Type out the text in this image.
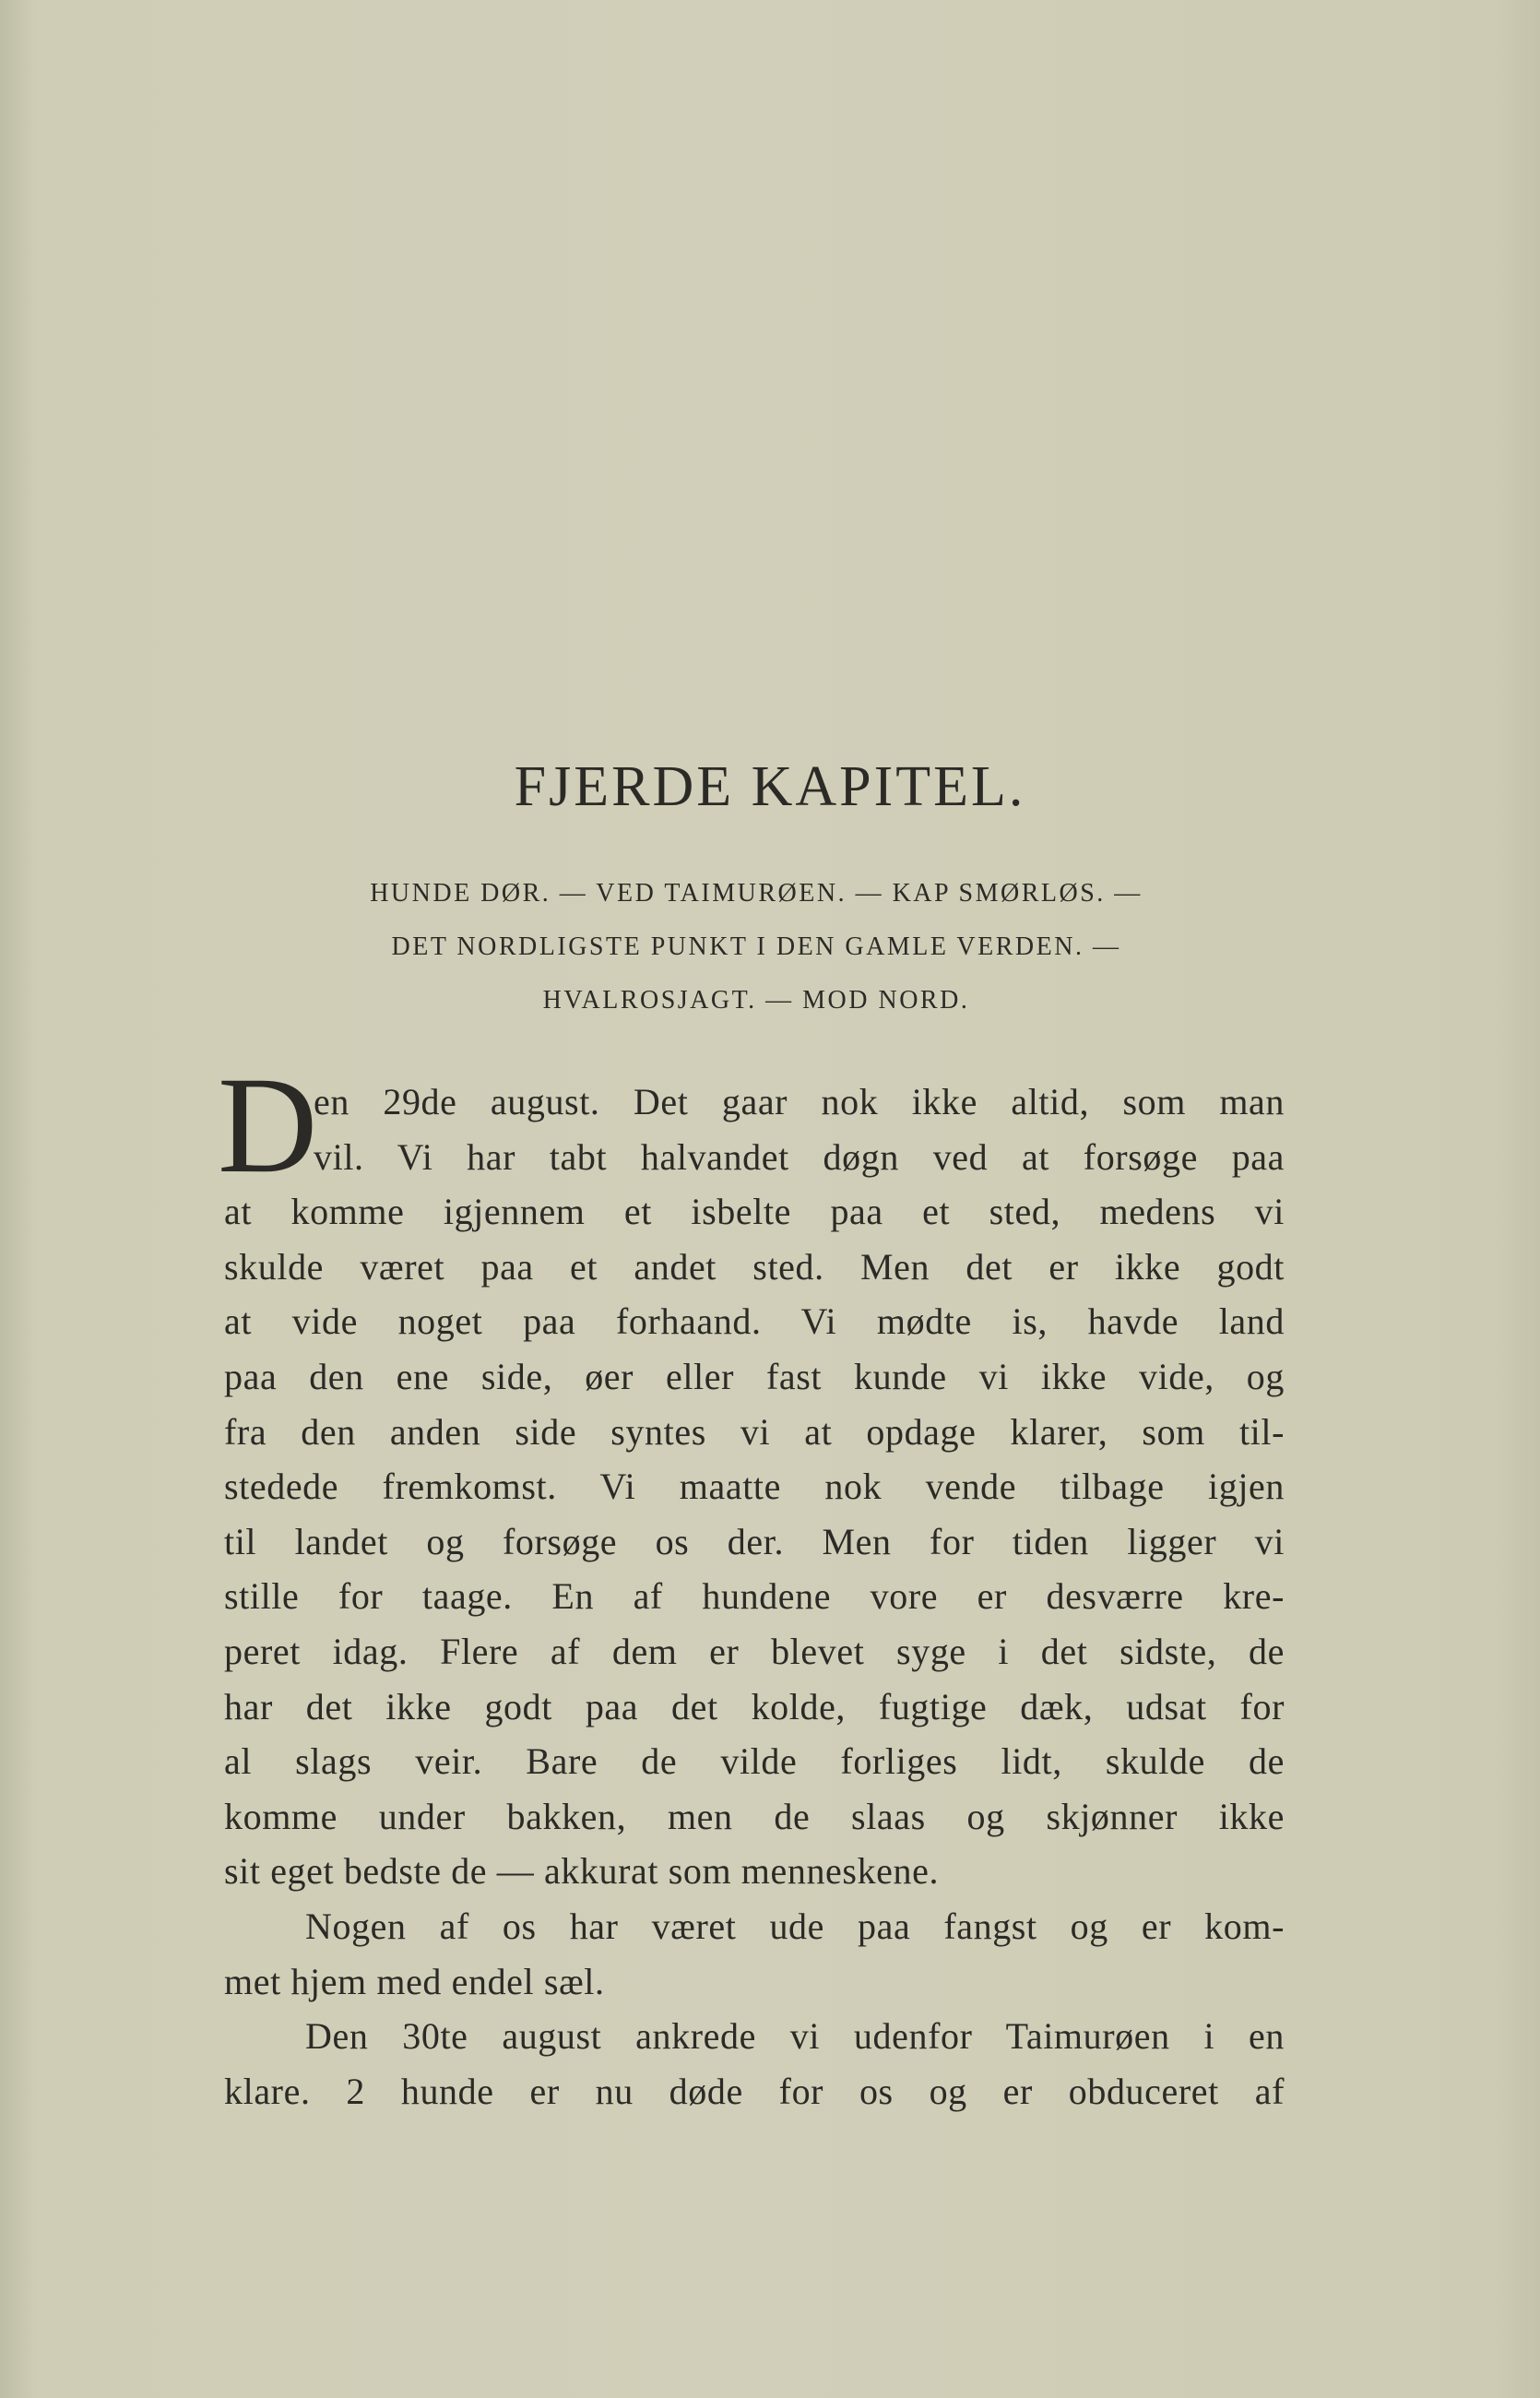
FJERDE KAPITEL.
HUNDE DØR. — VED TAIMURØEN. — KAP SMØRLØS. —
DET NORDLIGSTE PUNKT I DEN GAMLE VERDEN. —
HVALROSJAGT. — MOD NORD.
D
en 29de august. Det gaar nok ikke altid, som man
vil. Vi har tabt halvandet døgn ved at forsøge paa
at komme igjennem et isbelte paa et sted, medens vi
skulde været paa et andet sted. Men det er ikke godt
at vide noget paa forhaand. Vi mødte is, havde land
paa den ene side, øer eller fast kunde vi ikke vide, og
fra den anden side syntes vi at opdage klarer, som til-
stedede fremkomst. Vi maatte nok vende tilbage igjen
til landet og forsøge os der. Men for tiden ligger vi
stille for taage. En af hundene vore er desværre kre-
peret idag. Flere af dem er blevet syge i det sidste, de
har det ikke godt paa det kolde, fugtige dæk, udsat for
al slags veir. Bare de vilde forliges lidt, skulde de
komme under bakken, men de slaas og skjønner ikke
sit eget bedste de — akkurat som menneskene.
Nogen af os har været ude paa fangst og er kom-
met hjem med endel sæl.
Den 30te august ankrede vi udenfor Taimurøen i en
klare. 2 hunde er nu døde for os og er obduceret af
